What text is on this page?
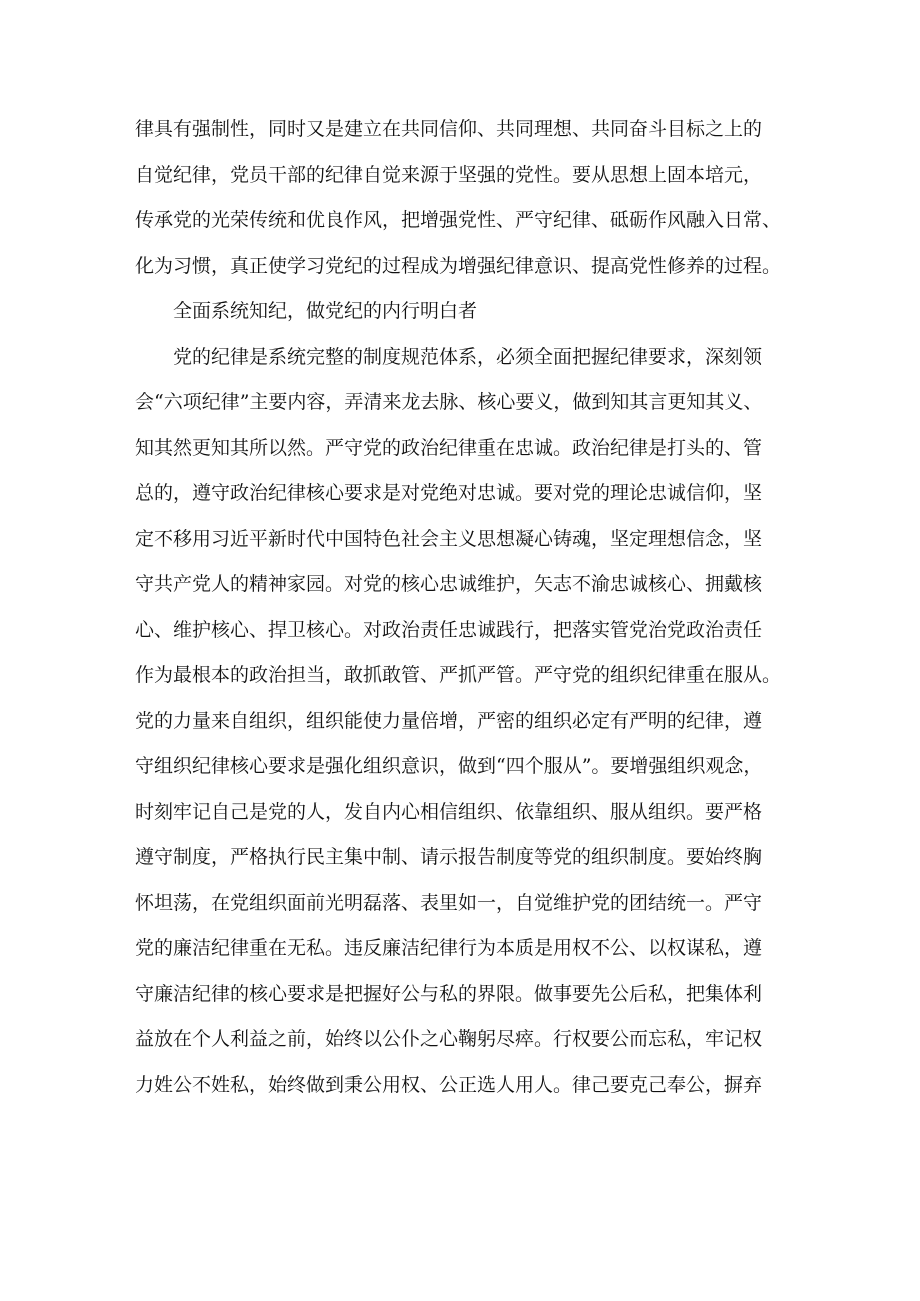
律具有强制性，同时又是建立在共同信仰、共同理想、共同奋斗目标之上的
自觉纪律，党员干部的纪律自觉来源于坚强的党性。要从思想上固本培元，
传承党的光荣传统和优良作风，把增强党性、严守纪律、砥砺作风融入日常、
化为习惯，真正使学习党纪的过程成为增强纪律意识、提高党性修养的过程。
全面系统知纪，做党纪的内行明白者
党的纪律是系统完整的制度规范体系，必须全面把握纪律要求，深刻领
会“六项纪律”主要内容，弄清来龙去脉、核心要义，做到知其言更知其义、
知其然更知其所以然。严守党的政治纪律重在忠诚。政治纪律是打头的、管
总的，遵守政治纪律核心要求是对党绝对忠诚。要对党的理论忠诚信仰，坚
定不移用习近平新时代中国特色社会主义思想凝心铸魂，坚定理想信念，坚
守共产党人的精神家园。对党的核心忠诚维护，矢志不渝忠诚核心、拥戴核
心、维护核心、捍卫核心。对政治责任忠诚践行，把落实管党治党政治责任
作为最根本的政治担当，敢抓敢管、严抓严管。严守党的组织纪律重在服从。
党的力量来自组织，组织能使力量倍增，严密的组织必定有严明的纪律，遵
守组织纪律核心要求是强化组织意识，做到“四个服从”。要增强组织观念，
时刻牢记自己是党的人，发自内心相信组织、依靠组织、服从组织。要严格
遵守制度，严格执行民主集中制、请示报告制度等党的组织制度。要始终胸
怀坦荡，在党组织面前光明磊落、表里如一，自觉维护党的团结统一。严守
党的廉洁纪律重在无私。违反廉洁纪律行为本质是用权不公、以权谋私，遵
守廉洁纪律的核心要求是把握好公与私的界限。做事要先公后私，把集体利
益放在个人利益之前，始终以公仆之心鞠躬尽瘁。行权要公而忘私，牢记权
力姓公不姓私，始终做到秉公用权、公正选人用人。律己要克己奉公，摒弃
